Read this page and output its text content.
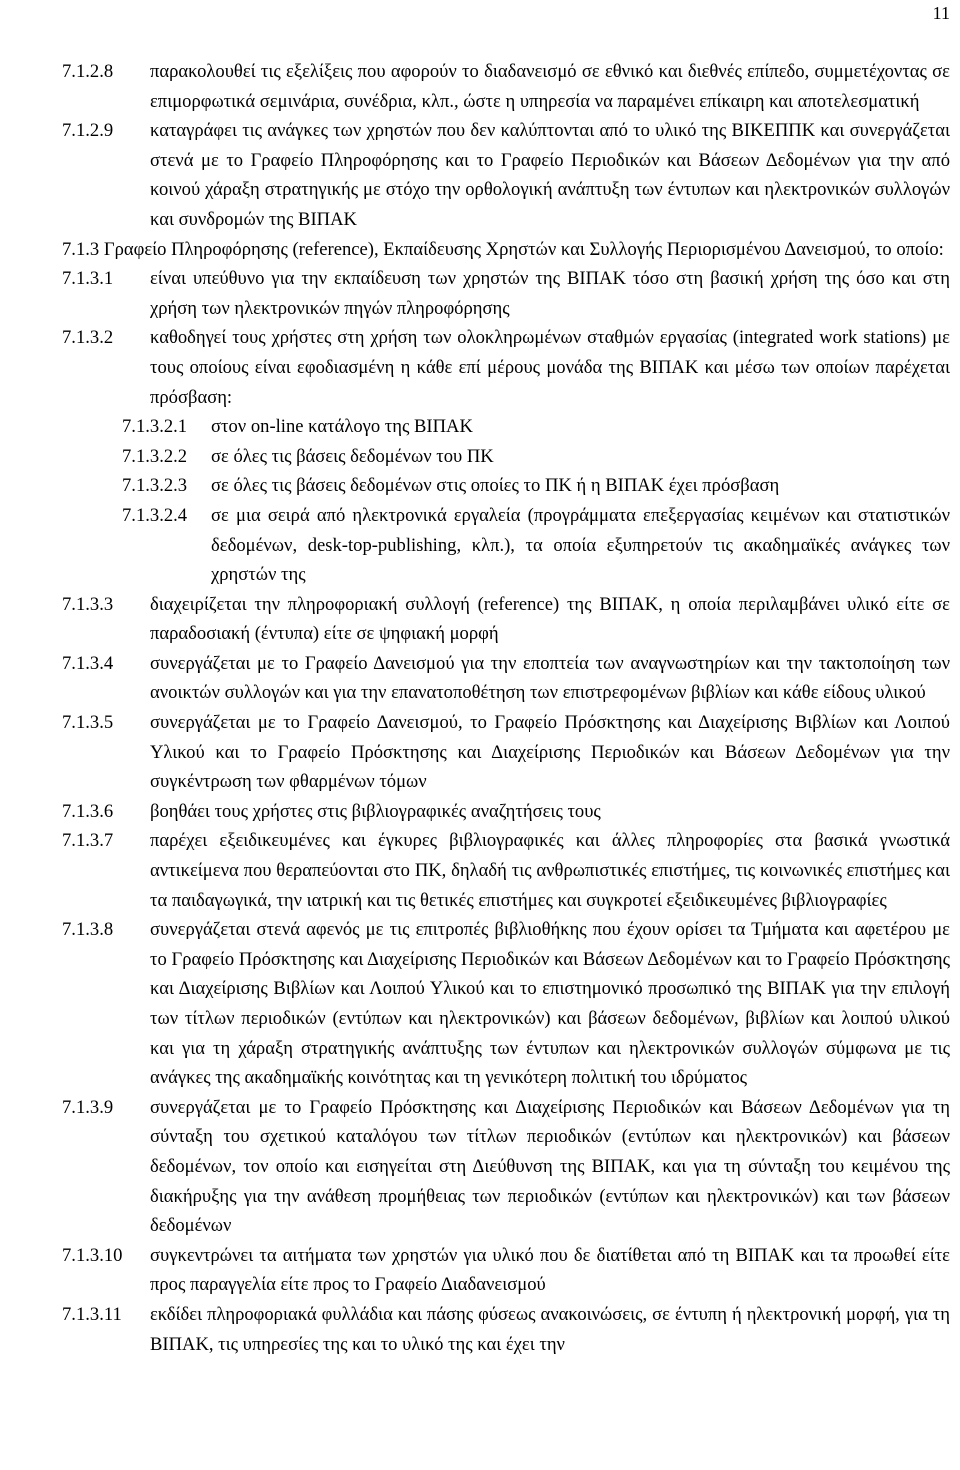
11
7.1.2.8	παρακολουθεί τις εξελίξεις που αφορούν το διαδανεισμό σε εθνικό και διεθνές επίπεδο, συμμετέχοντας σε επιμορφωτικά σεμινάρια, συνέδρια, κλπ., ώστε η υπηρεσία να παραμένει επίκαιρη και αποτελεσματική
7.1.2.9	καταγράφει τις ανάγκες των χρηστών που δεν καλύπτονται από το υλικό της ΒΙΚΕΠΠΚ και συνεργάζεται στενά με το Γραφείο Πληροφόρησης και το Γραφείο Περιοδικών και Βάσεων Δεδομένων για την από κοινού χάραξη στρατηγικής με στόχο την ορθολογική ανάπτυξη των έντυπων και ηλεκτρονικών συλλογών και συνδρομών της ΒΙΠΑΚ
7.1.3 Γραφείο Πληροφόρησης (reference), Εκπαίδευσης Χρηστών και Συλλογής Περιορισμένου Δανεισμού, το οποίο:
7.1.3.1	είναι υπεύθυνο για την εκπαίδευση των χρηστών της ΒΙΠΑΚ τόσο στη βασική χρήση της όσο και στη χρήση των ηλεκτρονικών πηγών πληροφόρησης
7.1.3.2	καθοδηγεί τους χρήστες στη χρήση των ολοκληρωμένων σταθμών εργασίας (integrated work stations) με τους οποίους είναι εφοδιασμένη η κάθε επί μέρους μονάδα της ΒΙΠΑΚ και μέσω των οποίων παρέχεται πρόσβαση:
7.1.3.2.1	στον on-line κατάλογο της ΒΙΠΑΚ
7.1.3.2.2	σε όλες τις βάσεις δεδομένων του ΠΚ
7.1.3.2.3	σε όλες τις βάσεις δεδομένων στις οποίες το ΠΚ ή η ΒΙΠΑΚ έχει πρόσβαση
7.1.3.2.4	σε μια σειρά από ηλεκτρονικά εργαλεία (προγράμματα επεξεργασίας κειμένων και στατιστικών δεδομένων, desk-top-publishing, κλπ.), τα οποία εξυπηρετούν τις ακαδημαϊκές ανάγκες των χρηστών της
7.1.3.3	διαχειρίζεται την πληροφοριακή συλλογή (reference) της ΒΙΠΑΚ, η οποία περιλαμβάνει υλικό είτε σε παραδοσιακή (έντυπα) είτε σε ψηφιακή μορφή
7.1.3.4	συνεργάζεται με το Γραφείο Δανεισμού για την εποπτεία των αναγνωστηρίων και την τακτοποίηση των ανοικτών συλλογών και για την επανατοποθέτηση των επιστρεφομένων βιβλίων και κάθε είδους υλικού
7.1.3.5	συνεργάζεται με το Γραφείο Δανεισμού, το Γραφείο Πρόσκτησης και Διαχείρισης Βιβλίων και Λοιπού Υλικού και το Γραφείο Πρόσκτησης και Διαχείρισης Περιοδικών και Βάσεων Δεδομένων για την συγκέντρωση των φθαρμένων τόμων
7.1.3.6	βοηθάει τους χρήστες στις βιβλιογραφικές αναζητήσεις τους
7.1.3.7	παρέχει εξειδικευμένες και έγκυρες βιβλιογραφικές και άλλες πληροφορίες στα βασικά γνωστικά αντικείμενα που θεραπεύονται στο ΠΚ, δηλαδή τις ανθρωπιστικές επιστήμες, τις κοινωνικές επιστήμες και τα παιδαγωγικά, την ιατρική και τις θετικές επιστήμες και συγκροτεί εξειδικευμένες βιβλιογραφίες
7.1.3.8	συνεργάζεται στενά αφενός με τις επιτροπές βιβλιοθήκης που έχουν ορίσει τα Τμήματα και αφετέρου με το Γραφείο Πρόσκτησης και Διαχείρισης Περιοδικών και Βάσεων Δεδομένων και το Γραφείο Πρόσκτησης και Διαχείρισης Βιβλίων και Λοιπού Υλικού και το επιστημονικό προσωπικό της ΒΙΠΑΚ για την επιλογή των τίτλων περιοδικών (εντύπων και ηλεκτρονικών) και βάσεων δεδομένων, βιβλίων και λοιπού υλικού και για τη χάραξη στρατηγικής ανάπτυξης των έντυπων και ηλεκτρονικών συλλογών σύμφωνα με τις ανάγκες της ακαδημαϊκής κοινότητας και τη γενικότερη πολιτική του ιδρύματος
7.1.3.9	συνεργάζεται με το Γραφείο Πρόσκτησης και Διαχείρισης Περιοδικών και Βάσεων Δεδομένων για τη σύνταξη του σχετικού καταλόγου των τίτλων περιοδικών (εντύπων και ηλεκτρονικών) και βάσεων δεδομένων, τον οποίο και εισηγείται στη Διεύθυνση της ΒΙΠΑΚ, και για τη σύνταξη του κειμένου της διακήρυξης για την ανάθεση προμήθειας των περιοδικών (εντύπων και ηλεκτρονικών) και των βάσεων δεδομένων
7.1.3.10	συγκεντρώνει τα αιτήματα των χρηστών για υλικό που δε διατίθεται από τη ΒΙΠΑΚ και τα προωθεί είτε προς παραγγελία είτε προς το Γραφείο Διαδανεισμού
7.1.3.11	εκδίδει πληροφοριακά φυλλάδια και πάσης φύσεως ανακοινώσεις, σε έντυπη ή ηλεκτρονική μορφή, για τη ΒΙΠΑΚ, τις υπηρεσίες της και το υλικό της και έχει την
